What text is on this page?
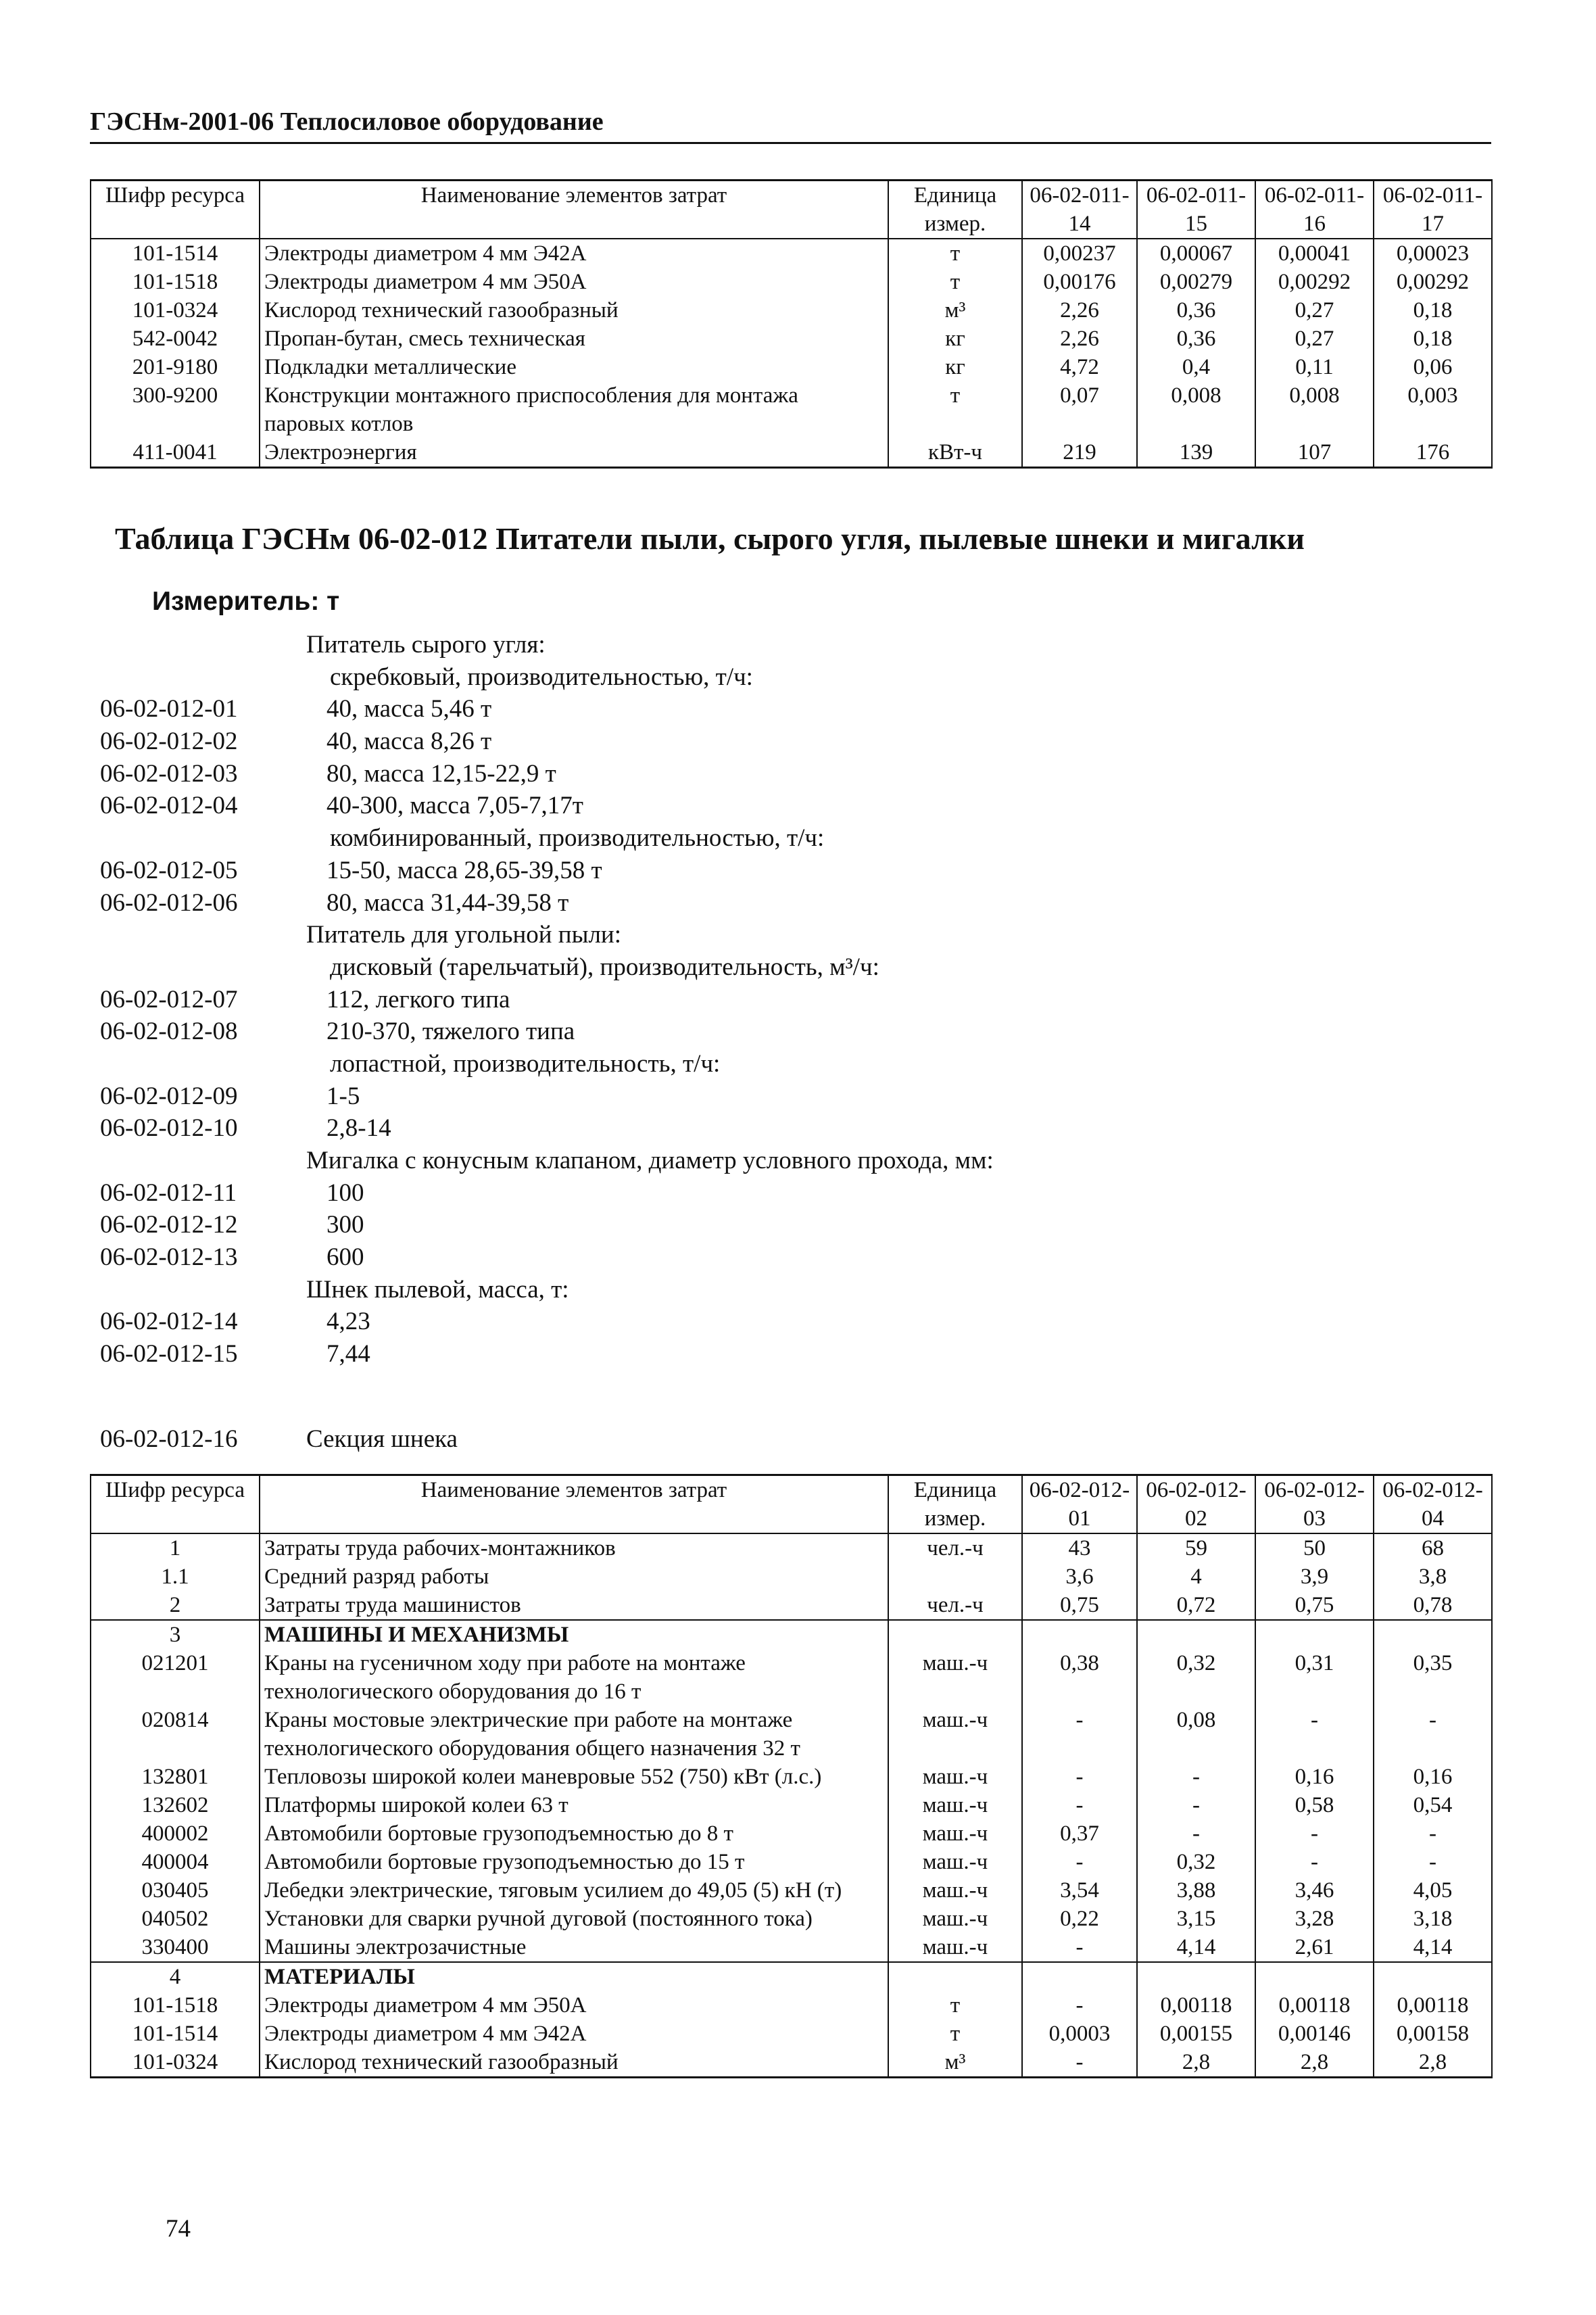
ГЭСНм-2001-06 Теплосиловое оборудование
Шифр ресурса	Наименование элементов затрат	Единица измер.	06-02-011-14	06-02-011-15	06-02-011-16	06-02-011-17
101-1514	Электроды диаметром 4 мм Э42А	т	0,00237	0,00067	0,00041	0,00023
101-1518	Электроды диаметром 4 мм Э50А	т	0,00176	0,00279	0,00292	0,00292
101-0324	Кислород технический газообразный	м³	2,26	0,36	0,27	0,18
542-0042	Пропан-бутан, смесь техническая	кг	2,26	0,36	0,27	0,18
201-9180	Подкладки металлические	кг	4,72	0,4	0,11	0,06
300-9200	Конструкции монтажного приспособления для монтажа паровых котлов	т	0,07	0,008	0,008	0,003
411-0041	Электроэнергия	кВт-ч	219	139	107	176
Таблица ГЭСНм 06-02-012 Питатели пыли, сырого угля, пылевые шнеки и мигалки
Измеритель: т
Питатель сырого угля:
скребковый, производительностью, т/ч:
06-02-012-01	40, масса 5,46 т
06-02-012-02	40, масса 8,26 т
06-02-012-03	80, масса 12,15-22,9 т
06-02-012-04	40-300, масса 7,05-7,17т
комбинированный, производительностью, т/ч:
06-02-012-05	15-50, масса 28,65-39,58 т
06-02-012-06	80, масса 31,44-39,58 т
Питатель для угольной пыли:
дисковый (тарельчатый), производительность, м³/ч:
06-02-012-07	112, легкого типа
06-02-012-08	210-370, тяжелого типа
лопастной, производительность, т/ч:
06-02-012-09	1-5
06-02-012-10	2,8-14
Мигалка с конусным клапаном, диаметр условного прохода, мм:
06-02-012-11	100
06-02-012-12	300
06-02-012-13	600
Шнек пылевой, масса, т:
06-02-012-14	4,23
06-02-012-15	7,44
06-02-012-16	Секция шнека
Шифр ресурса	Наименование элементов затрат	Единица измер.	06-02-012-01	06-02-012-02	06-02-012-03	06-02-012-04
1	Затраты труда рабочих-монтажников	чел.-ч	43	59	50	68
1.1	Средний разряд работы		3,6	4	3,9	3,8
2	Затраты труда машинистов	чел.-ч	0,75	0,72	0,75	0,78
3	МАШИНЫ И МЕХАНИЗМЫ					
021201	Краны на гусеничном ходу при работе на монтаже технологического оборудования до 16 т	маш.-ч	0,38	0,32	0,31	0,35
020814	Краны мостовые электрические при работе на монтаже технологического оборудования общего назначения 32 т	маш.-ч	-	0,08	-	-
132801	Тепловозы широкой колеи маневровые 552 (750) кВт (л.с.)	маш.-ч	-	-	0,16	0,16
132602	Платформы широкой колеи 63 т	маш.-ч	-	-	0,58	0,54
400002	Автомобили бортовые грузоподъемностью до 8 т	маш.-ч	0,37	-	-	-
400004	Автомобили бортовые грузоподъемностью до 15 т	маш.-ч	-	0,32	-	-
030405	Лебедки электрические, тяговым усилием до 49,05 (5) кН (т)	маш.-ч	3,54	3,88	3,46	4,05
040502	Установки для сварки ручной дуговой (постоянного тока)	маш.-ч	0,22	3,15	3,28	3,18
330400	Машины электрозачистные	маш.-ч	-	4,14	2,61	4,14
4	МАТЕРИАЛЫ					
101-1518	Электроды диаметром 4 мм Э50А	т	-	0,00118	0,00118	0,00118
101-1514	Электроды диаметром 4 мм Э42А	т	0,0003	0,00155	0,00146	0,00158
101-0324	Кислород технический газообразный	м³	-	2,8	2,8	2,8
74
